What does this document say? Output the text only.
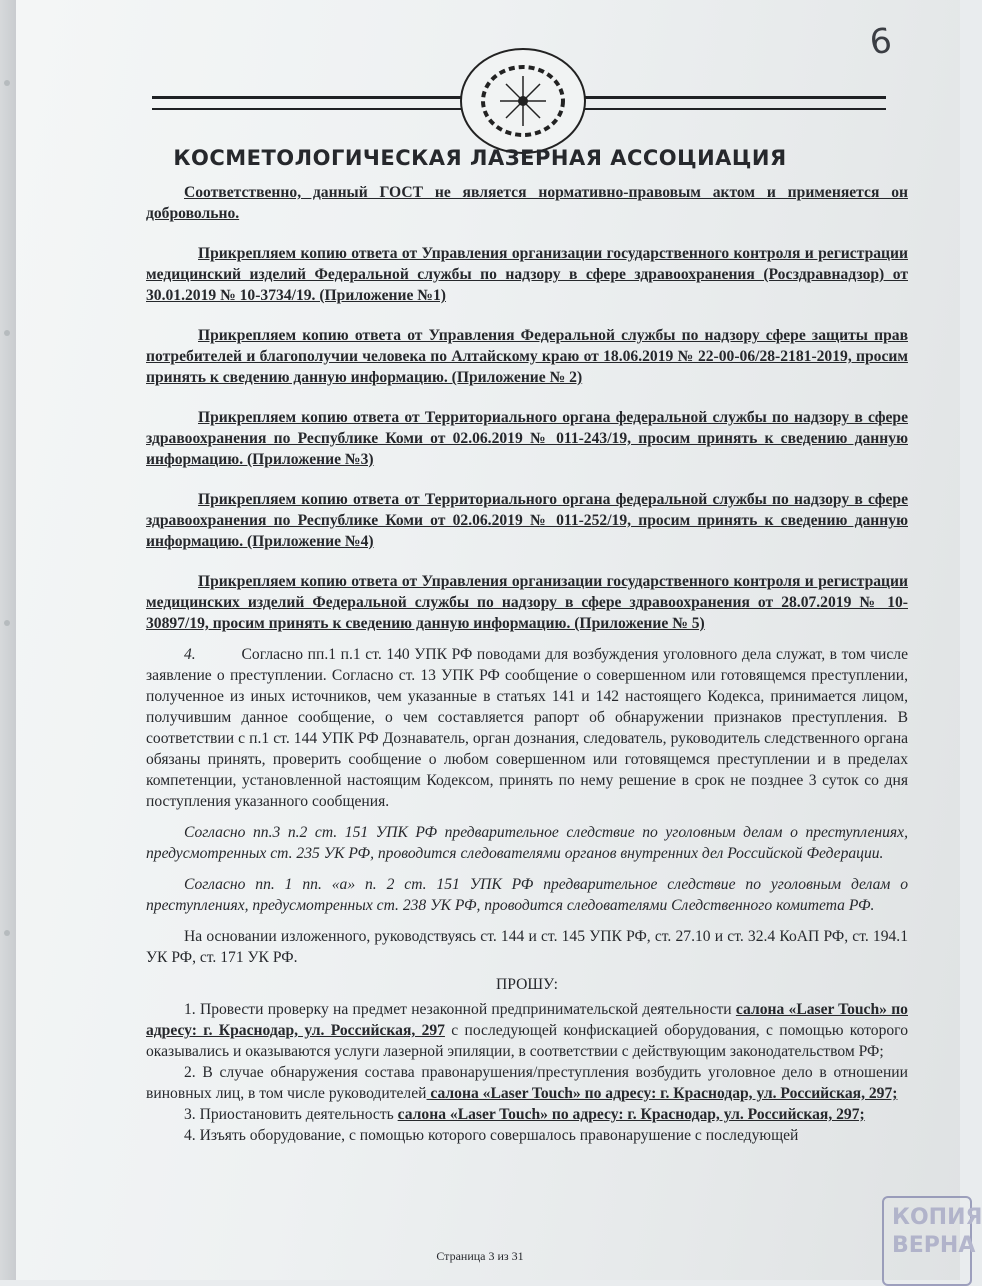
6
КОСМЕТОЛОГИЧЕСКАЯ ЛАЗЕРНАЯ АССОЦИАЦИЯ

Соответственно, данный ГОСТ не является нормативно-правовым актом и применяется он добровольно.

Прикрепляем копию ответа от Управления организации государственного контроля и регистрации медицинский изделий Федеральной службы по надзору в сфере здравоохранения (Росздравнадзор) от 30.01.2019 № 10-3734/19. (Приложение №1)

Прикрепляем копию ответа от Управления Федеральной службы по надзору сфере защиты прав потребителей и благополучии человека по Алтайскому краю от 18.06.2019 № 22-00-06/28-2181-2019, просим принять к сведению данную информацию. (Приложение № 2)

Прикрепляем копию ответа от Территориального органа федеральной службы по надзору в сфере здравоохранения по Республике Коми от 02.06.2019 № 011-243/19, просим принять к сведению данную информацию. (Приложение №3)

Прикрепляем копию ответа от Территориального органа федеральной службы по надзору в сфере здравоохранения по Республике Коми от 02.06.2019 № 011-252/19, просим принять к сведению данную информацию. (Приложение №4)

Прикрепляем копию ответа от Управления организации государственного контроля и регистрации медицинских изделий Федеральной службы по надзору в сфере здравоохранения от 28.07.2019 № 10-30897/19, просим принять к сведению данную информацию. (Приложение № 5)

4.	Согласно пп.1 п.1 ст. 140 УПК РФ поводами для возбуждения уголовного дела служат, в том числе заявление о преступлении. Согласно ст. 13 УПК РФ сообщение о совершенном или готовящемся преступлении, полученное из иных источников, чем указанные в статьях 141 и 142 настоящего Кодекса, принимается лицом, получившим данное сообщение, о чем составляется рапорт об обнаружении признаков преступления. В соответствии с п.1 ст. 144 УПК РФ Дознаватель, орган дознания, следователь, руководитель следственного органа обязаны принять, проверить сообщение о любом совершенном или готовящемся преступлении и в пределах компетенции, установленной настоящим Кодексом, принять по нему решение в срок не позднее 3 суток со дня поступления указанного сообщения.

Согласно пп.3 п.2 ст. 151 УПК РФ предварительное следствие по уголовным делам о преступлениях, предусмотренных ст. 235 УК РФ, проводится следователями органов внутренних дел Российской Федерации.

Согласно пп. 1 пп. «а» п. 2 ст. 151 УПК РФ предварительное следствие по уголовным делам о преступлениях, предусмотренных ст. 238 УК РФ, проводится следователями Следственного комитета РФ.

На основании изложенного, руководствуясь ст. 144 и ст. 145 УПК РФ, ст. 27.10 и ст. 32.4 КоАП РФ, ст. 194.1 УК РФ, ст. 171 УК РФ.

ПРОШУ:

1. Провести проверку на предмет незаконной предпринимательской деятельности салона «Laser Touch» по адресу: г. Краснодар, ул. Российская, 297 с последующей конфискацией оборудования, с помощью которого оказывались и оказываются услуги лазерной эпиляции, в соответствии с действующим законодательством РФ;

2. В случае обнаружения состава правонарушения/преступления возбудить уголовное дело в отношении виновных лиц, в том числе руководителей салона «Laser Touch» по адресу: г. Краснодар, ул. Российская, 297;

3. Приостановить деятельность салона «Laser Touch» по адресу: г. Краснодар, ул. Российская, 297;

4. Изъять оборудование, с помощью которого совершалось правонарушение с последующей

Страница 3 из 31
КОПИЯ ВЕРНА
